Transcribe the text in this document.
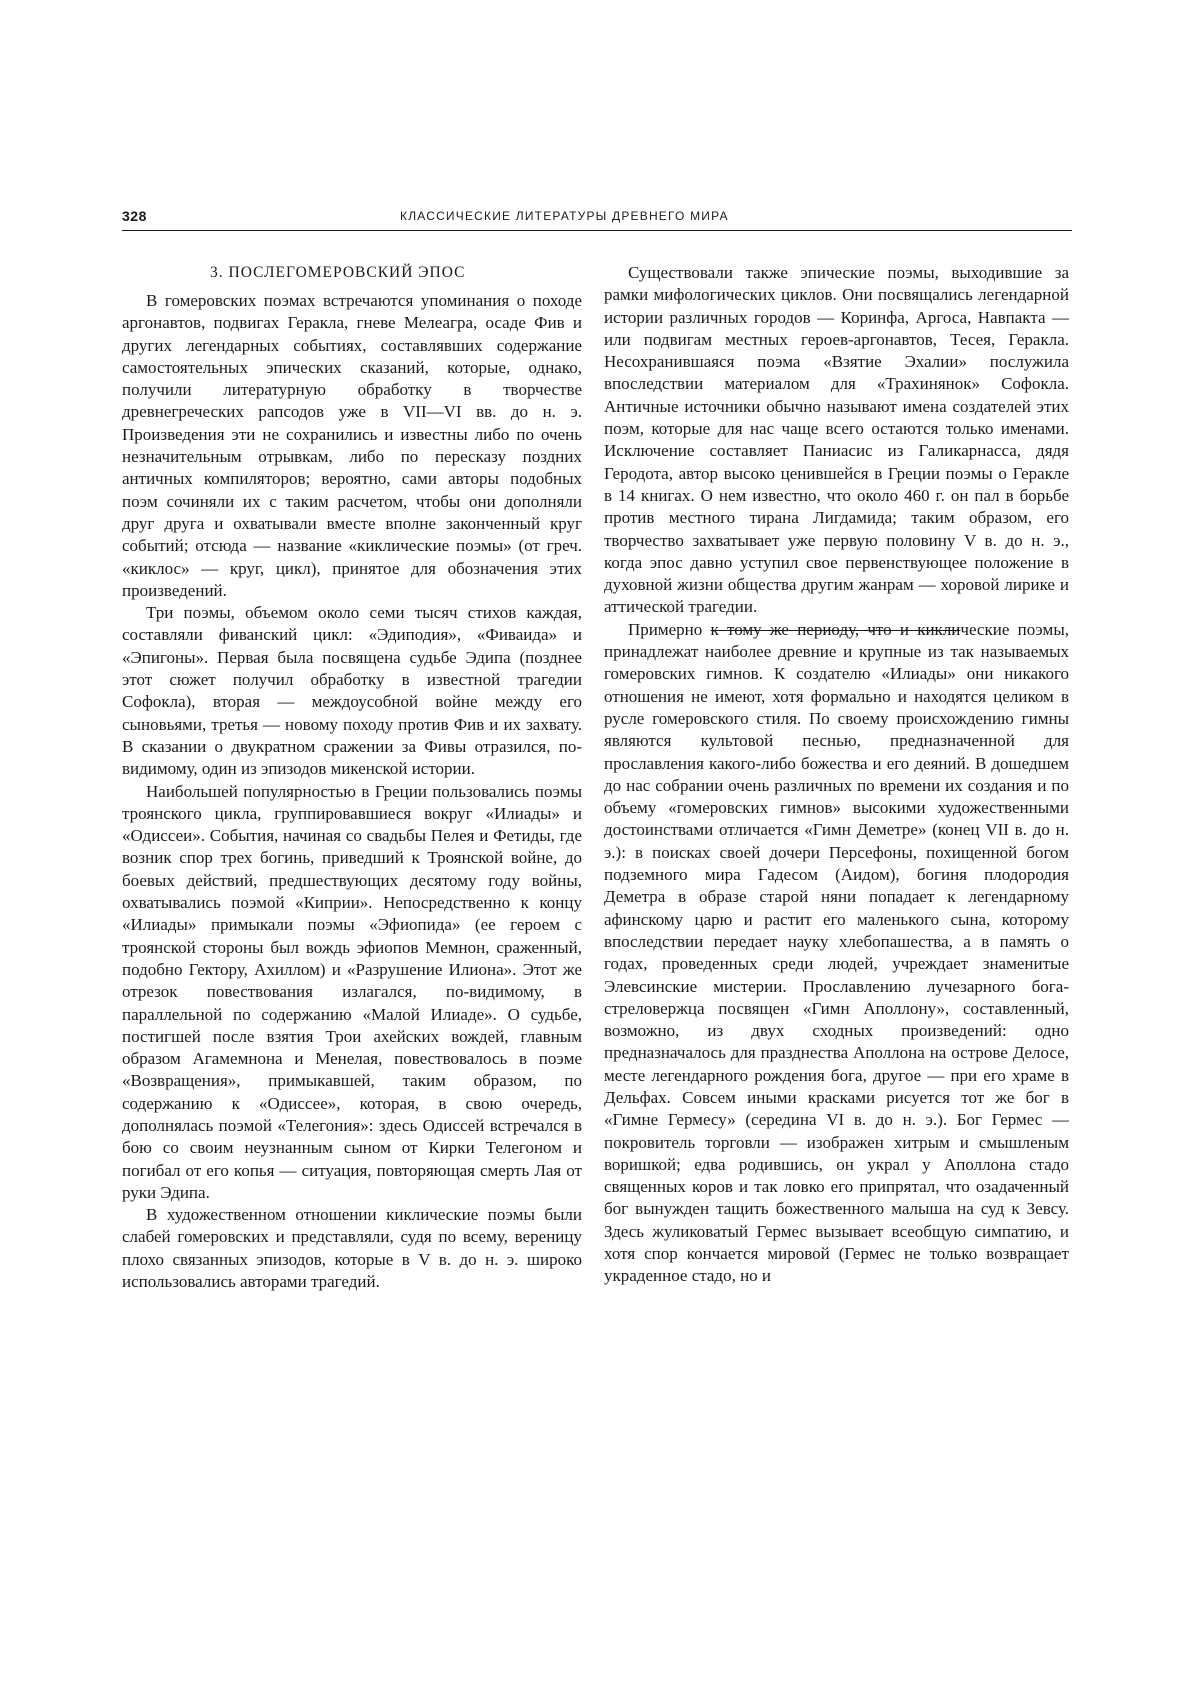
328	КЛАССИЧЕСКИЕ ЛИТЕРАТУРЫ ДРЕВНЕГО МИРА
3. ПОСЛЕГОМЕРОВСКИЙ ЭПОС

В гомеровских поэмах встречаются упоминания о походе аргонавтов, подвигах Геракла, гневе Мелеагра, осаде Фив и других легендарных событиях, составлявших содержание самостоятельных эпических сказаний, которые, однако, получили литературную обработку в творчестве древнегреческих рапсодов уже в VII—VI вв. до н. э. Произведения эти не сохранились и известны либо по очень незначительным отрывкам, либо по пересказу поздних античных компиляторов; вероятно, сами авторы подобных поэм сочиняли их с таким расчетом, чтобы они дополняли друг друга и охватывали вместе вполне законченный круг событий; отсюда — название «киклические поэмы» (от греч. «киклос» — круг, цикл), принятое для обозначения этих произведений.

Три поэмы, объемом около семи тысяч стихов каждая, составляли фиванский цикл: «Эдиподия», «Фиваида» и «Эпигоны». Первая была посвящена судьбе Эдипа (позднее этот сюжет получил обработку в известной трагедии Софокла), вторая — междоусобной войне между его сыновьями, третья — новому походу против Фив и их захвату. В сказании о двукратном сражении за Фивы отразился, по-видимому, один из эпизодов микенской истории.

Наибольшей популярностью в Греции пользовались поэмы троянского цикла, группировавшиеся вокруг «Илиады» и «Одиссеи». События, начиная со свадьбы Пелея и Фетиды, где возник спор трех богинь, приведший к Троянской войне, до боевых действий, предшествующих десятому году войны, охватывались поэмой «Киприи». Непосредственно к концу «Илиады» примыкали поэмы «Эфиопида» (ее героем с троянской стороны был вождь эфиопов Мемнон, сраженный, подобно Гектору, Ахиллом) и «Разрушение Илиона». Этот же отрезок повествования излагался, по-видимому, в параллельной по содержанию «Малой Илиаде». О судьбе, постигшей после взятия Трои ахейских вождей, главным образом Агамемнона и Менелая, повествовалось в поэме «Возвращения», примыкавшей, таким образом, по содержанию к «Одиссее», которая, в свою очередь, дополнялась поэмой «Телегония»: здесь Одиссей встречался в бою со своим неузнанным сыном от Кирки Телегоном и погибал от его копья — ситуация, повторяющая смерть Лая от руки Эдипа.

В художественном отношении киклические поэмы были слабей гомеровских и представляли, судя по всему, вереницу плохо связанных эпизодов, которые в V в. до н. э. широко использовались авторами трагедий.

Существовали также эпические поэмы, выходившие за рамки мифологических циклов. Они посвящались легендарной истории различных городов — Коринфа, Аргоса, Навпакта — или подвигам местных героев-аргонавтов, Тесея, Геракла. Несохранившаяся поэма «Взятие Эхалии» послужила впоследствии материалом для «Трахинянок» Софокла. Античные источники обычно называют имена создателей этих поэм, которые для нас чаще всего остаются только именами. Исключение составляет Паниасис из Галикарнасса, дядя Геродота, автор высоко ценившейся в Греции поэмы о Геракле в 14 книгах. О нем известно, что около 460 г. он пал в борьбе против местного тирана Лигдамида; таким образом, его творчество захватывает уже первую половину V в. до н. э., когда эпос давно уступил свое первенствующее положение в духовной жизни общества другим жанрам — хоровой лирике и аттической трагедии.

Примерно к тому же периоду, что и киклические поэмы, принадлежат наиболее древние и крупные из так называемых гомеровских гимнов. К создателю «Илиады» они никакого отношения не имеют, хотя формально и находятся целиком в русле гомеровского стиля. По своему происхождению гимны являются культовой песнью, предназначенной для прославления какого-либо божества и его деяний. В дошедшем до нас собрании очень различных по времени их создания и по объему «гомеровских гимнов» высокими художественными достоинствами отличается «Гимн Деметре» (конец VII в. до н. э.): в поисках своей дочери Персефоны, похищенной богом подземного мира Гадесом (Аидом), богиня плодородия Деметра в образе старой няни попадает к легендарному афинскому царю и растит его маленького сына, которому впоследствии передает науку хлебопашества, а в память о годах, проведенных среди людей, учреждает знаменитые Элевсинские мистерии. Прославлению лучезарного бога-стреловержца посвящен «Гимн Аполлону», составленный, возможно, из двух сходных произведений: одно предназначалось для празднества Аполлона на острове Делосе, месте легендарного рождения бога, другое — при его храме в Дельфах. Совсем иными красками рисуется тот же бог в «Гимне Гермесу» (середина VI в. до н. э.). Бог Гермес — покровитель торговли — изображен хитрым и смышленым воришкой; едва родившись, он украл у Аполлона стадо священных коров и так ловко его припрятал, что озадаченный бог вынужден тащить божественного малыша на суд к Зевсу. Здесь жуликоватый Гермес вызывает всеобщую симпатию, и хотя спор кончается мировой (Гермес не только возвращает украденное стадо, но и
